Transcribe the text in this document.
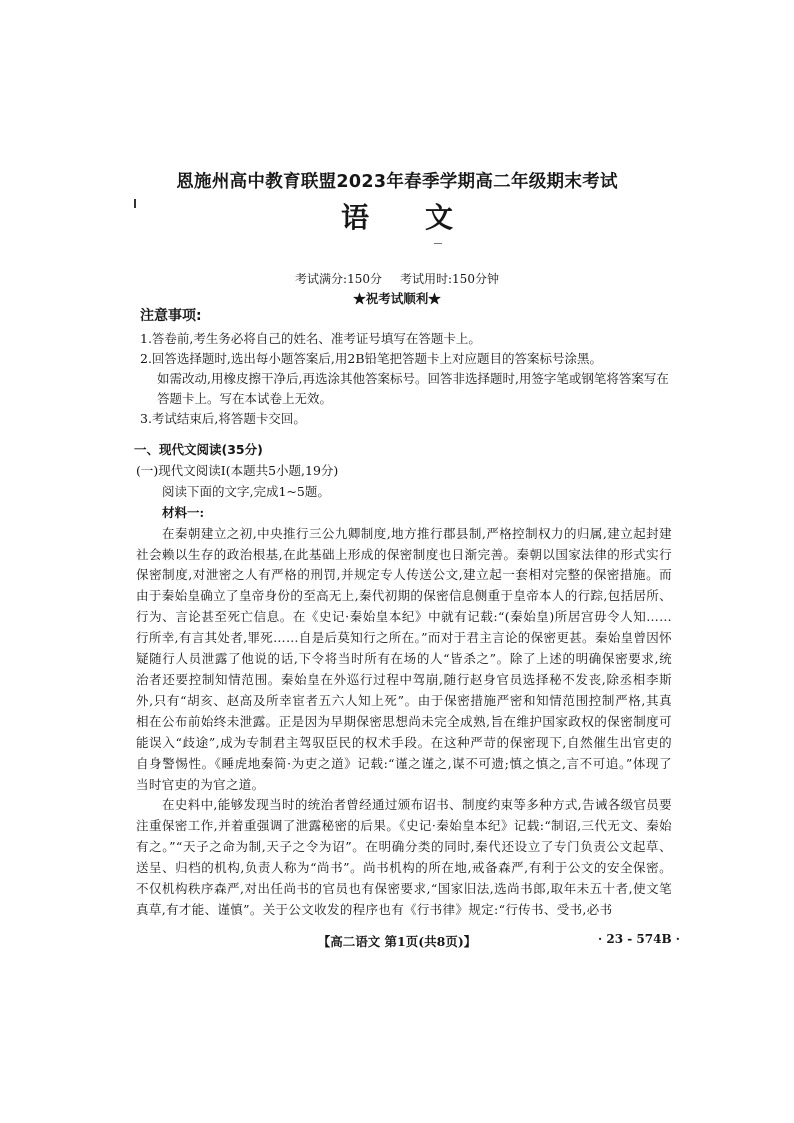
恩施州高中教育联盟2023年春季学期高二年级期末考试
语文
考试满分:150分 考试用时:150分钟
★祝考试顺利★
注意事项:
1.答卷前,考生务必将自己的姓名、准考证号填写在答题卡上。
2.回答选择题时,选出每小题答案后,用2B铅笔把答题卡上对应题目的答案标号涂黑。
如需改动,用橡皮擦干净后,再选涂其他答案标号。回答非选择题时,用签字笔或钢笔将答案写在答题卡上。写在本试卷上无效。
3.考试结束后,将答题卡交回。
一、现代文阅读(35分)
(一)现代文阅读Ⅰ(本题共5小题,19分)
阅读下面的文字,完成1~5题。
材料一:

在秦朝建立之初,中央推行三公九卿制度,地方推行郡县制,严格控制权力的归属,建立起封建社会赖以生存的政治根基,在此基础上形成的保密制度也日渐完善。秦朝以国家法律的形式实行保密制度,对泄密之人有严格的刑罚,并规定专人传送公文,建立起一套相对完整的保密措施。而由于秦始皇确立了皇帝身份的至高无上,秦代初期的保密信息侧重于皇帝本人的行踪,包括居所、行为、言论甚至死亡信息。在《史记·秦始皇本纪》中就有记载:“(秦始皇)所居宫毋令人知……行所幸,有言其处者,罪死……自是后莫知行之所在。”而对于君主言论的保密更甚。秦始皇曾因怀疑随行人员泄露了他说的话,下令将当时所有在场的人“皆杀之”。除了上述的明确保密要求,统治者还要控制知情范围。秦始皇在外巡行过程中驾崩,随行赵身官员选择秘不发丧,除丞相李斯外,只有“胡亥、赵高及所幸宦者五六人知上死”。由于保密措施严密和知情范围控制严格,其真相在公布前始终未泄露。正是因为早期保密思想尚未完全成熟,旨在维护国家政权的保密制度可能误入“歧途”,成为专制君主驾驭臣民的权术手段。在这种严苛的保密现下,自然催生出官吏的自身警惕性。《睡虎地秦简·为吏之道》记载:“谨之谨之,谋不可遗;慎之慎之,言不可追。”体现了当时官吏的为官之道。

在史料中,能够发现当时的统治者曾经通过颁布诏书、制度约束等多种方式,告诫各级官员要注重保密工作,并着重强调了泄露秘密的后果。《史记·秦始皇本纪》记载:“制诏,三代无文、秦始有之。”“天子之命为制,天子之令为诏”。在明确分类的同时,秦代还设立了专门负责公文起草、送呈、归档的机构,负责人称为“尚书”。尚书机构的所在地,戒备森严,有利于公文的安全保密。不仅机构秩序森严,对出任尚书的官员也有保密要求,“国家旧法,选尚书郎,取年未五十者,使文笔真草,有才能、谨慎”。关于公文收发的程序也有《行书律》规定:“行传书、受书,必书

【高二语文 第1页(共8页)】	· 23 - 574B ·
